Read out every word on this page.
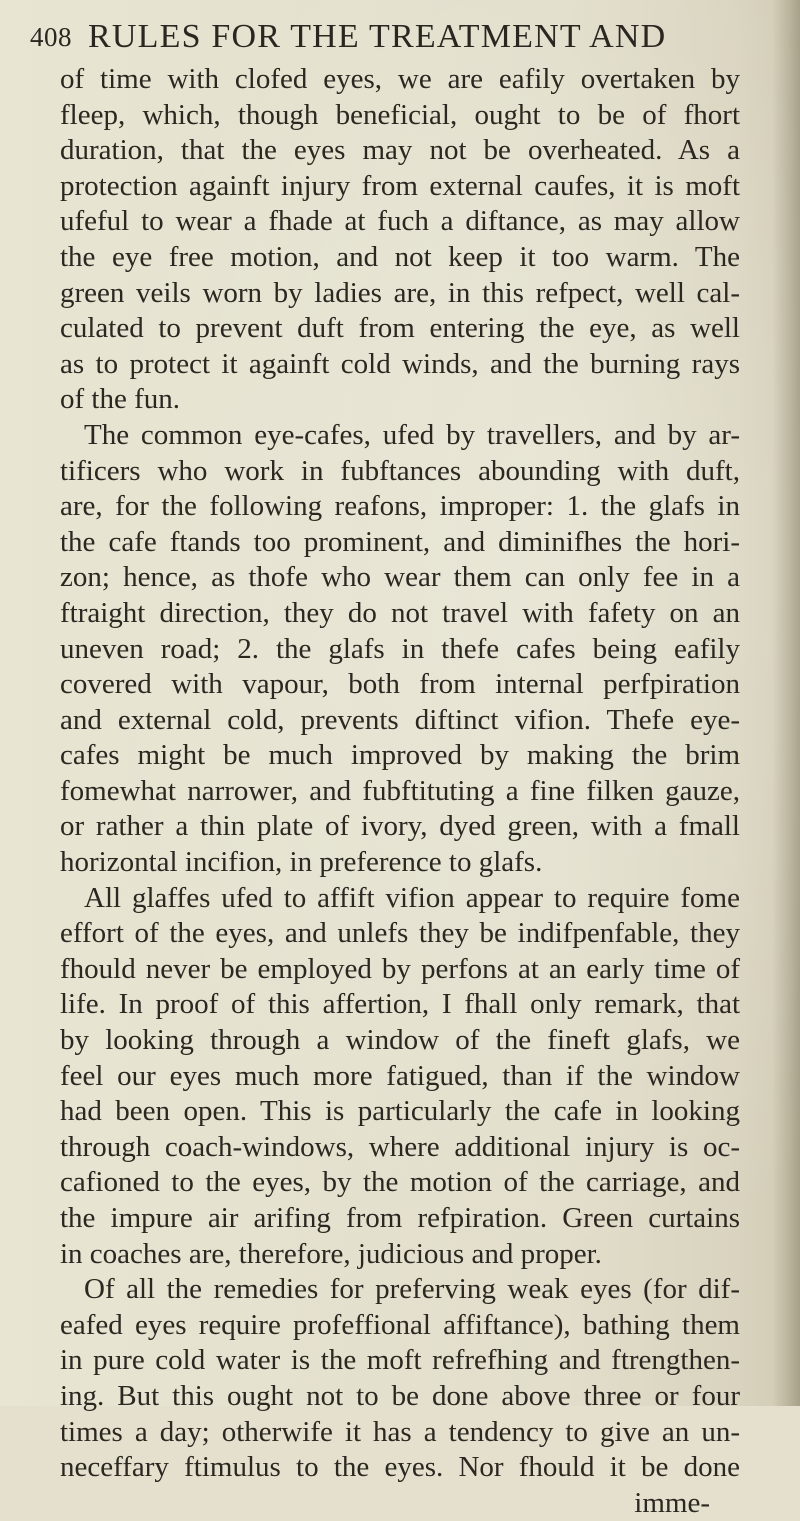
408 RULES FOR THE TREATMENT AND
of time with clofed eyes, we are eafily overtaken by
fleep, which, though beneficial, ought to be of fhort
duration, that the eyes may not be overheated. As a
protection againft injury from external caufes, it is moft
ufeful to wear a fhade at fuch a diftance, as may allow
the eye free motion, and not keep it too warm. The
green veils worn by ladies are, in this refpect, well cal-
culated to prevent duft from entering the eye, as well
as to protect it againft cold winds, and the burning rays
of the fun.
The common eye-cafes, ufed by travellers, and by ar-
tificers who work in fubftances abounding with duft,
are, for the following reafons, improper: 1. the glafs in
the cafe ftands too prominent, and diminifhes the hori-
zon; hence, as thofe who wear them can only fee in a
ftraight direction, they do not travel with fafety on an
uneven road; 2. the glafs in thefe cafes being eafily
covered with vapour, both from internal perfpiration
and external cold, prevents diftinct vifion. Thefe eye-
cafes might be much improved by making the brim
fomewhat narrower, and fubftituting a fine filken gauze,
or rather a thin plate of ivory, dyed green, with a fmall
horizontal incifion, in preference to glafs.
All glaffes ufed to affift vifion appear to require fome
effort of the eyes, and unlefs they be indifpenfable, they
fhould never be employed by perfons at an early time of
life. In proof of this affertion, I fhall only remark, that
by looking through a window of the fineft glafs, we
feel our eyes much more fatigued, than if the window
had been open. This is particularly the cafe in looking
through coach-windows, where additional injury is oc-
cafioned to the eyes, by the motion of the carriage, and
the impure air arifing from refpiration. Green curtains
in coaches are, therefore, judicious and proper.
Of all the remedies for preferving weak eyes (for dif-
eafed eyes require profeffional affiftance), bathing them
in pure cold water is the moft refrefhing and ftrengthen-
ing. But this ought not to be done above three or four
times a day; otherwife it has a tendency to give an un-
neceffary ftimulus to the eyes. Nor fhould it be done
imme-
